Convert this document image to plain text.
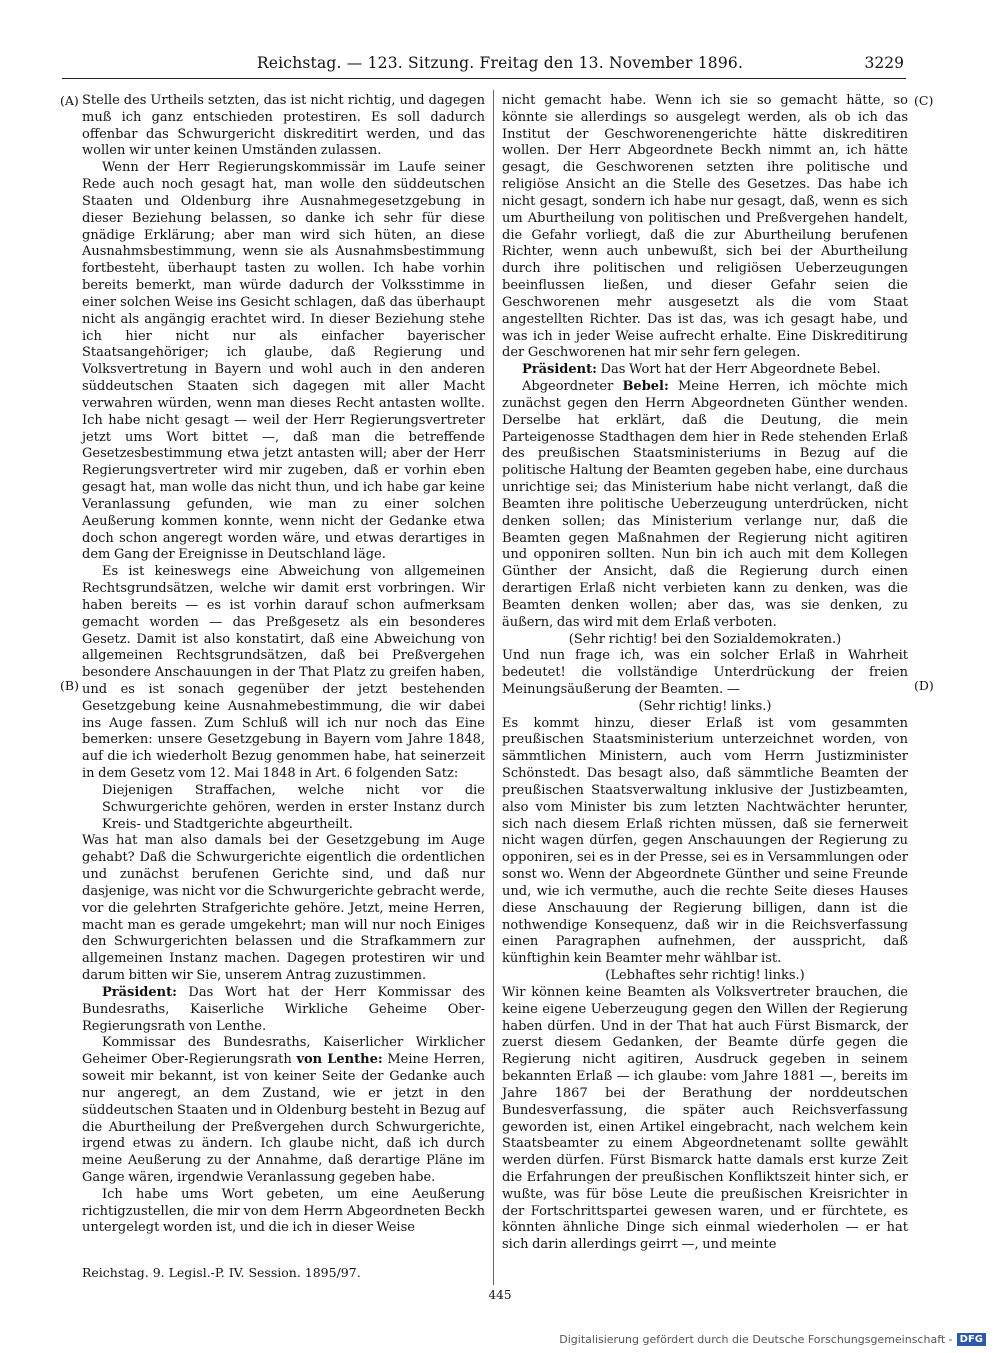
Reichstag. — 123. Sitzung. Freitag den 13. November 1896.	3229
(A)
(B)
(C)
(D)

Stelle des Urtheils setzten, das ist nicht richtig, und dagegen muß ich ganz entschieden protestiren. Es soll dadurch offenbar das Schwurgericht diskreditirt werden, und das wollen wir unter keinen Umständen zulassen.

Wenn der Herr Regierungskommissär im Laufe seiner Rede auch noch gesagt hat, man wolle den süddeutschen Staaten und Oldenburg ihre Ausnahmegesetzgebung in dieser Beziehung belassen, so danke ich sehr für diese gnädige Erklärung; aber man wird sich hüten, an diese Ausnahmsbestimmung, wenn sie als Ausnahmsbestimmung fortbesteht, überhaupt tasten zu wollen. Ich habe vorhin bereits bemerkt, man würde dadurch der Volksstimme in einer solchen Weise ins Gesicht schlagen, daß das überhaupt nicht als angängig erachtet wird. In dieser Beziehung stehe ich hier nicht nur als einfacher bayerischer Staatsangehöriger; ich glaube, daß Regierung und Volksvertretung in Bayern und wohl auch in den anderen süddeutschen Staaten sich dagegen mit aller Macht verwahren würden, wenn man dieses Recht antasten wollte. Ich habe nicht gesagt — weil der Herr Regierungsvertreter jetzt ums Wort bittet —, daß man die betreffende Gesetzesbestimmung etwa jetzt antasten will; aber der Herr Regierungsvertreter wird mir zugeben, daß er vorhin eben gesagt hat, man wolle das nicht thun, und ich habe gar keine Veranlassung gefunden, wie man zu einer solchen Aeußerung kommen konnte, wenn nicht der Gedanke etwa doch schon angeregt worden wäre, und etwas derartiges in dem Gang der Ereignisse in Deutschland läge.

Es ist keineswegs eine Abweichung von allgemeinen Rechtsgrundsätzen, welche wir damit erst vorbringen. Wir haben bereits — es ist vorhin darauf schon aufmerksam gemacht worden — das Preßgesetz als ein besonderes Gesetz. Damit ist also konstatirt, daß eine Abweichung von allgemeinen Rechtsgrundsätzen, daß bei Preßvergehen besondere Anschauungen in der That Platz zu greifen haben, und es ist sonach gegenüber der jetzt bestehenden Gesetzgebung keine Ausnahmebestimmung, die wir dabei ins Auge fassen. Zum Schluß will ich nur noch das Eine bemerken: unsere Gesetzgebung in Bayern vom Jahre 1848, auf die ich wiederholt Bezug genommen habe, hat seinerzeit in dem Gesetz vom 12. Mai 1848 in Art. 6 folgenden Satz:

Diejenigen Straffachen, welche nicht vor die Schwurgerichte gehören, werden in erster Instanz durch Kreis- und Stadtgerichte abgeurtheilt.

Was hat man also damals bei der Gesetzgebung im Auge gehabt? Daß die Schwurgerichte eigentlich die ordentlichen und zunächst berufenen Gerichte sind, und daß nur dasjenige, was nicht vor die Schwurgerichte gebracht werde, vor die gelehrten Strafgerichte gehöre. Jetzt, meine Herren, macht man es gerade umgekehrt; man will nur noch Einiges den Schwurgerichten belassen und die Strafkammern zur allgemeinen Instanz machen. Dagegen protestiren wir und darum bitten wir Sie, unserem Antrag zuzustimmen.

Präsident: Das Wort hat der Herr Kommissar des Bundesraths, Kaiserliche Wirkliche Geheime Ober-Regierungsrath von Lenthe.

Kommissar des Bundesraths, Kaiserlicher Wirklicher Geheimer Ober-Regierungsrath von Lenthe: Meine Herren, soweit mir bekannt, ist von keiner Seite der Gedanke auch nur angeregt, an dem Zustand, wie er jetzt in den süddeutschen Staaten und in Oldenburg besteht in Bezug auf die Aburtheilung der Preßvergehen durch Schwurgerichte, irgend etwas zu ändern. Ich glaube nicht, daß ich durch meine Aeußerung zu der Annahme, daß derartige Pläne im Gange wären, irgendwie Veranlassung gegeben habe.

Ich habe ums Wort gebeten, um eine Aeußerung richtigzustellen, die mir von dem Herrn Abgeordneten Beckh untergelegt worden ist, und die ich in dieser Weise

nicht gemacht habe. Wenn ich sie so gemacht hätte, so könnte sie allerdings so ausgelegt werden, als ob ich das Institut der Geschworenengerichte hätte diskreditiren wollen. Der Herr Abgeordnete Beckh nimmt an, ich hätte gesagt, die Geschworenen setzten ihre politische und religiöse Ansicht an die Stelle des Gesetzes. Das habe ich nicht gesagt, sondern ich habe nur gesagt, daß, wenn es sich um Aburtheilung von politischen und Preßvergehen handelt, die Gefahr vorliegt, daß die zur Aburtheilung berufenen Richter, wenn auch unbewußt, sich bei der Aburtheilung durch ihre politischen und religiösen Ueberzeugungen beeinflussen ließen, und dieser Gefahr seien die Geschworenen mehr ausgesetzt als die vom Staat angestellten Richter. Das ist das, was ich gesagt habe, und was ich in jeder Weise aufrecht erhalte. Eine Diskreditirung der Geschworenen hat mir sehr fern gelegen.

Präsident: Das Wort hat der Herr Abgeordnete Bebel.

Abgeordneter Bebel: Meine Herren, ich möchte mich zunächst gegen den Herrn Abgeordneten Günther wenden. Derselbe hat erklärt, daß die Deutung, die mein Parteigenosse Stadthagen dem hier in Rede stehenden Erlaß des preußischen Staatsministeriums in Bezug auf die politische Haltung der Beamten gegeben habe, eine durchaus unrichtige sei; das Ministerium habe nicht verlangt, daß die Beamten ihre politische Ueberzeugung unterdrücken, nicht denken sollen; das Ministerium verlange nur, daß die Beamten gegen Maßnahmen der Regierung nicht agitiren und opponiren sollten. Nun bin ich auch mit dem Kollegen Günther der Ansicht, daß die Regierung durch einen derartigen Erlaß nicht verbieten kann zu denken, was die Beamten denken wollen; aber das, was sie denken, zu äußern, das wird mit dem Erlaß verboten.

(Sehr richtig! bei den Sozialdemokraten.)

Und nun frage ich, was ein solcher Erlaß in Wahrheit bedeutet! die vollständige Unterdrückung der freien Meinungsäußerung der Beamten. —

(Sehr richtig! links.)

Es kommt hinzu, dieser Erlaß ist vom gesammten preußischen Staatsministerium unterzeichnet worden, von sämmtlichen Ministern, auch vom Herrn Justizminister Schönstedt. Das besagt also, daß sämmtliche Beamten der preußischen Staatsverwaltung inklusive der Justizbeamten, also vom Minister bis zum letzten Nachtwächter herunter, sich nach diesem Erlaß richten müssen, daß sie fernerweit nicht wagen dürfen, gegen Anschauungen der Regierung zu opponiren, sei es in der Presse, sei es in Versammlungen oder sonst wo. Wenn der Abgeordnete Günther und seine Freunde und, wie ich vermuthe, auch die rechte Seite dieses Hauses diese Anschauung der Regierung billigen, dann ist die nothwendige Konsequenz, daß wir in die Reichsverfassung einen Paragraphen aufnehmen, der ausspricht, daß künftighin kein Beamter mehr wählbar ist.

(Lebhaftes sehr richtig! links.)

Wir können keine Beamten als Volksvertreter brauchen, die keine eigene Ueberzeugung gegen den Willen der Regierung haben dürfen. Und in der That hat auch Fürst Bismarck, der zuerst diesem Gedanken, der Beamte dürfe gegen die Regierung nicht agitiren, Ausdruck gegeben in seinem bekannten Erlaß — ich glaube: vom Jahre 1881 —, bereits im Jahre 1867 bei der Berathung der norddeutschen Bundesverfassung, die später auch Reichsverfassung geworden ist, einen Artikel eingebracht, nach welchem kein Staatsbeamter zu einem Abgeordnetenamt sollte gewählt werden dürfen. Fürst Bismarck hatte damals erst kurze Zeit die Erfahrungen der preußischen Konfliktszeit hinter sich, er wußte, was für böse Leute die preußischen Kreisrichter in der Fortschrittspartei gewesen waren, und er fürchtete, es könnten ähnliche Dinge sich einmal wiederholen — er hat sich darin allerdings geirrt —, und meinte

Reichstag. 9. Legisl.-P. IV. Session. 1895/97.
445
Digitalisierung gefördert durch die Deutsche Forschungsgemeinschaft - DFG
